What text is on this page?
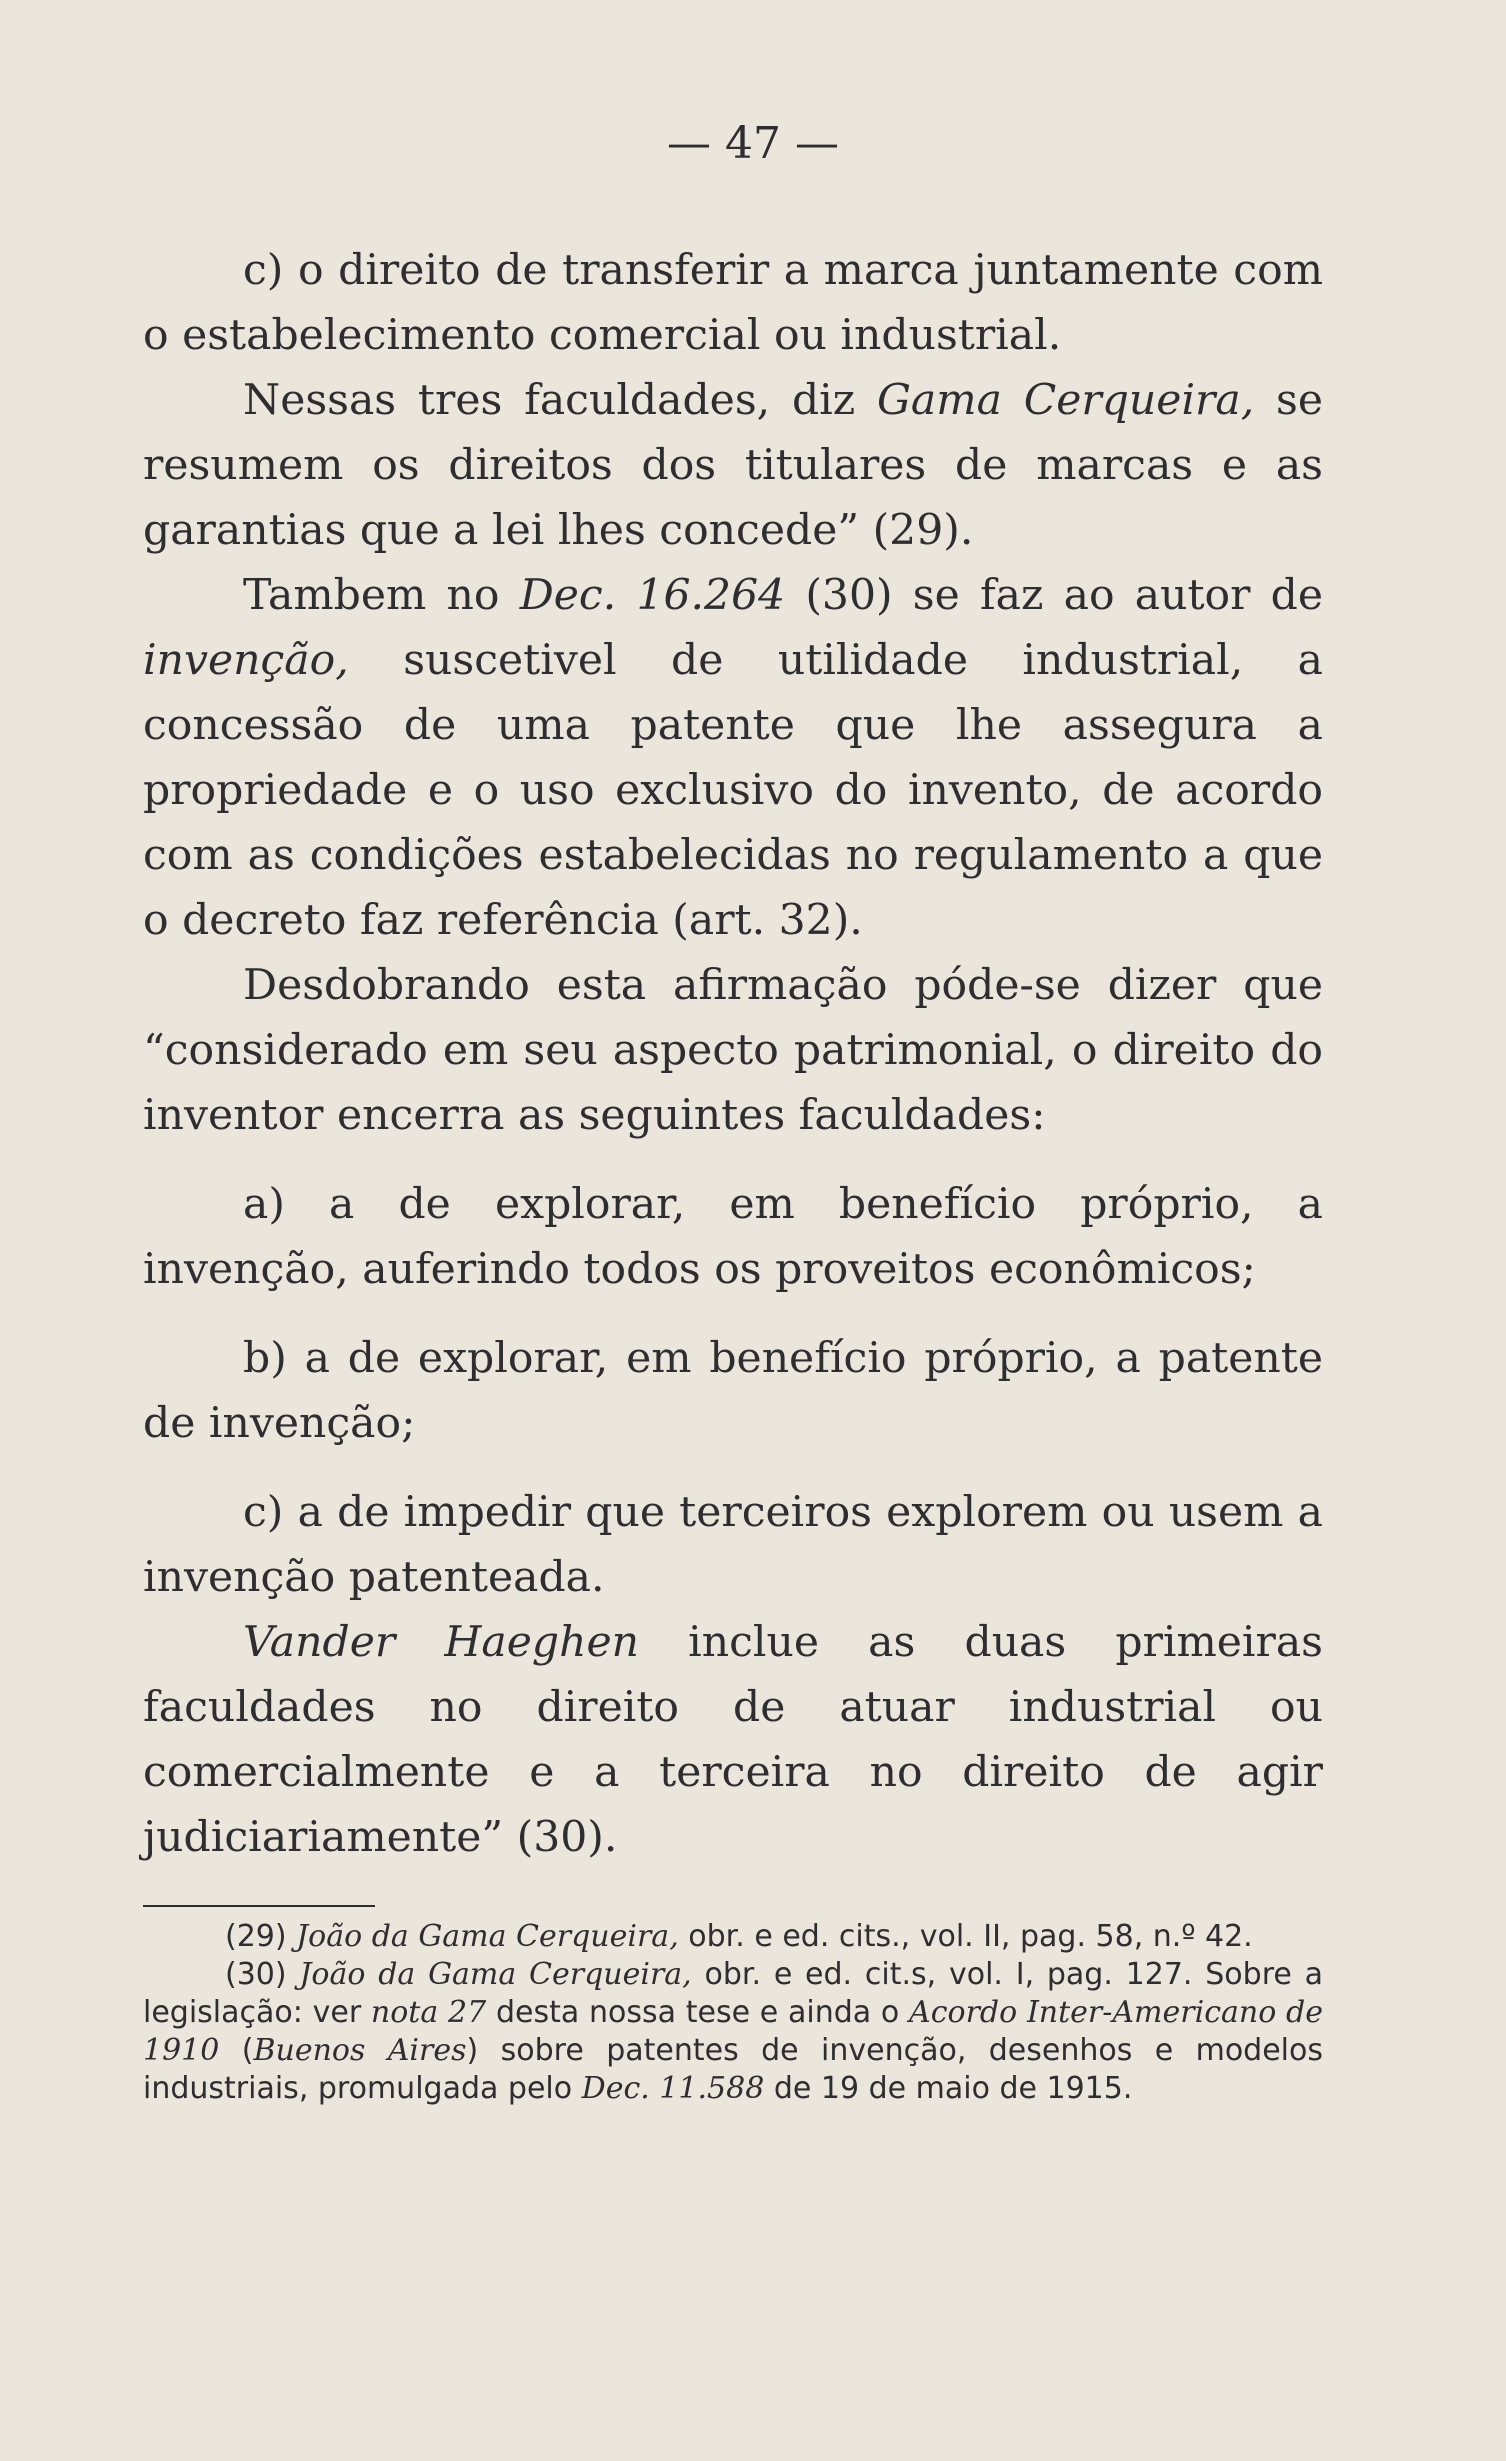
— 47 —

c) o direito de transferir a marca juntamente com o estabelecimento comercial ou industrial.

Nessas tres faculdades, diz Gama Cerqueira, se resumem os direitos dos titulares de marcas e as garantias que a lei lhes concede” (29).

Tambem no Dec. 16.264 (30) se faz ao autor de invenção, suscetivel de utilidade industrial, a concessão de uma patente que lhe assegura a propriedade e o uso exclusivo do invento, de acordo com as condições estabelecidas no regulamento a que o decreto faz referência (art. 32).

Desdobrando esta afirmação póde-se dizer que “considerado em seu aspecto patrimonial, o direito do inventor encerra as seguintes faculdades:

a) a de explorar, em benefício próprio, a invenção, auferindo todos os proveitos econômicos;

b) a de explorar, em benefício próprio, a patente de invenção;

c) a de impedir que terceiros explorem ou usem a invenção patenteada.

Vander Haeghen inclue as duas primeiras faculdades no direito de atuar industrial ou comercialmente e a terceira no direito de agir judiciariamente” (30).

(29) João da Gama Cerqueira, obr. e ed. cits., vol. II, pag. 58, n.º 42.

(30) João da Gama Cerqueira, obr. e ed. cit.s, vol. I, pag. 127. Sobre a legislação: ver nota 27 desta nossa tese e ainda o Acordo Inter-Americano de 1910 (Buenos Aires) sobre patentes de invenção, desenhos e modelos industriais, promulgada pelo Dec. 11.588 de 19 de maio de 1915.
